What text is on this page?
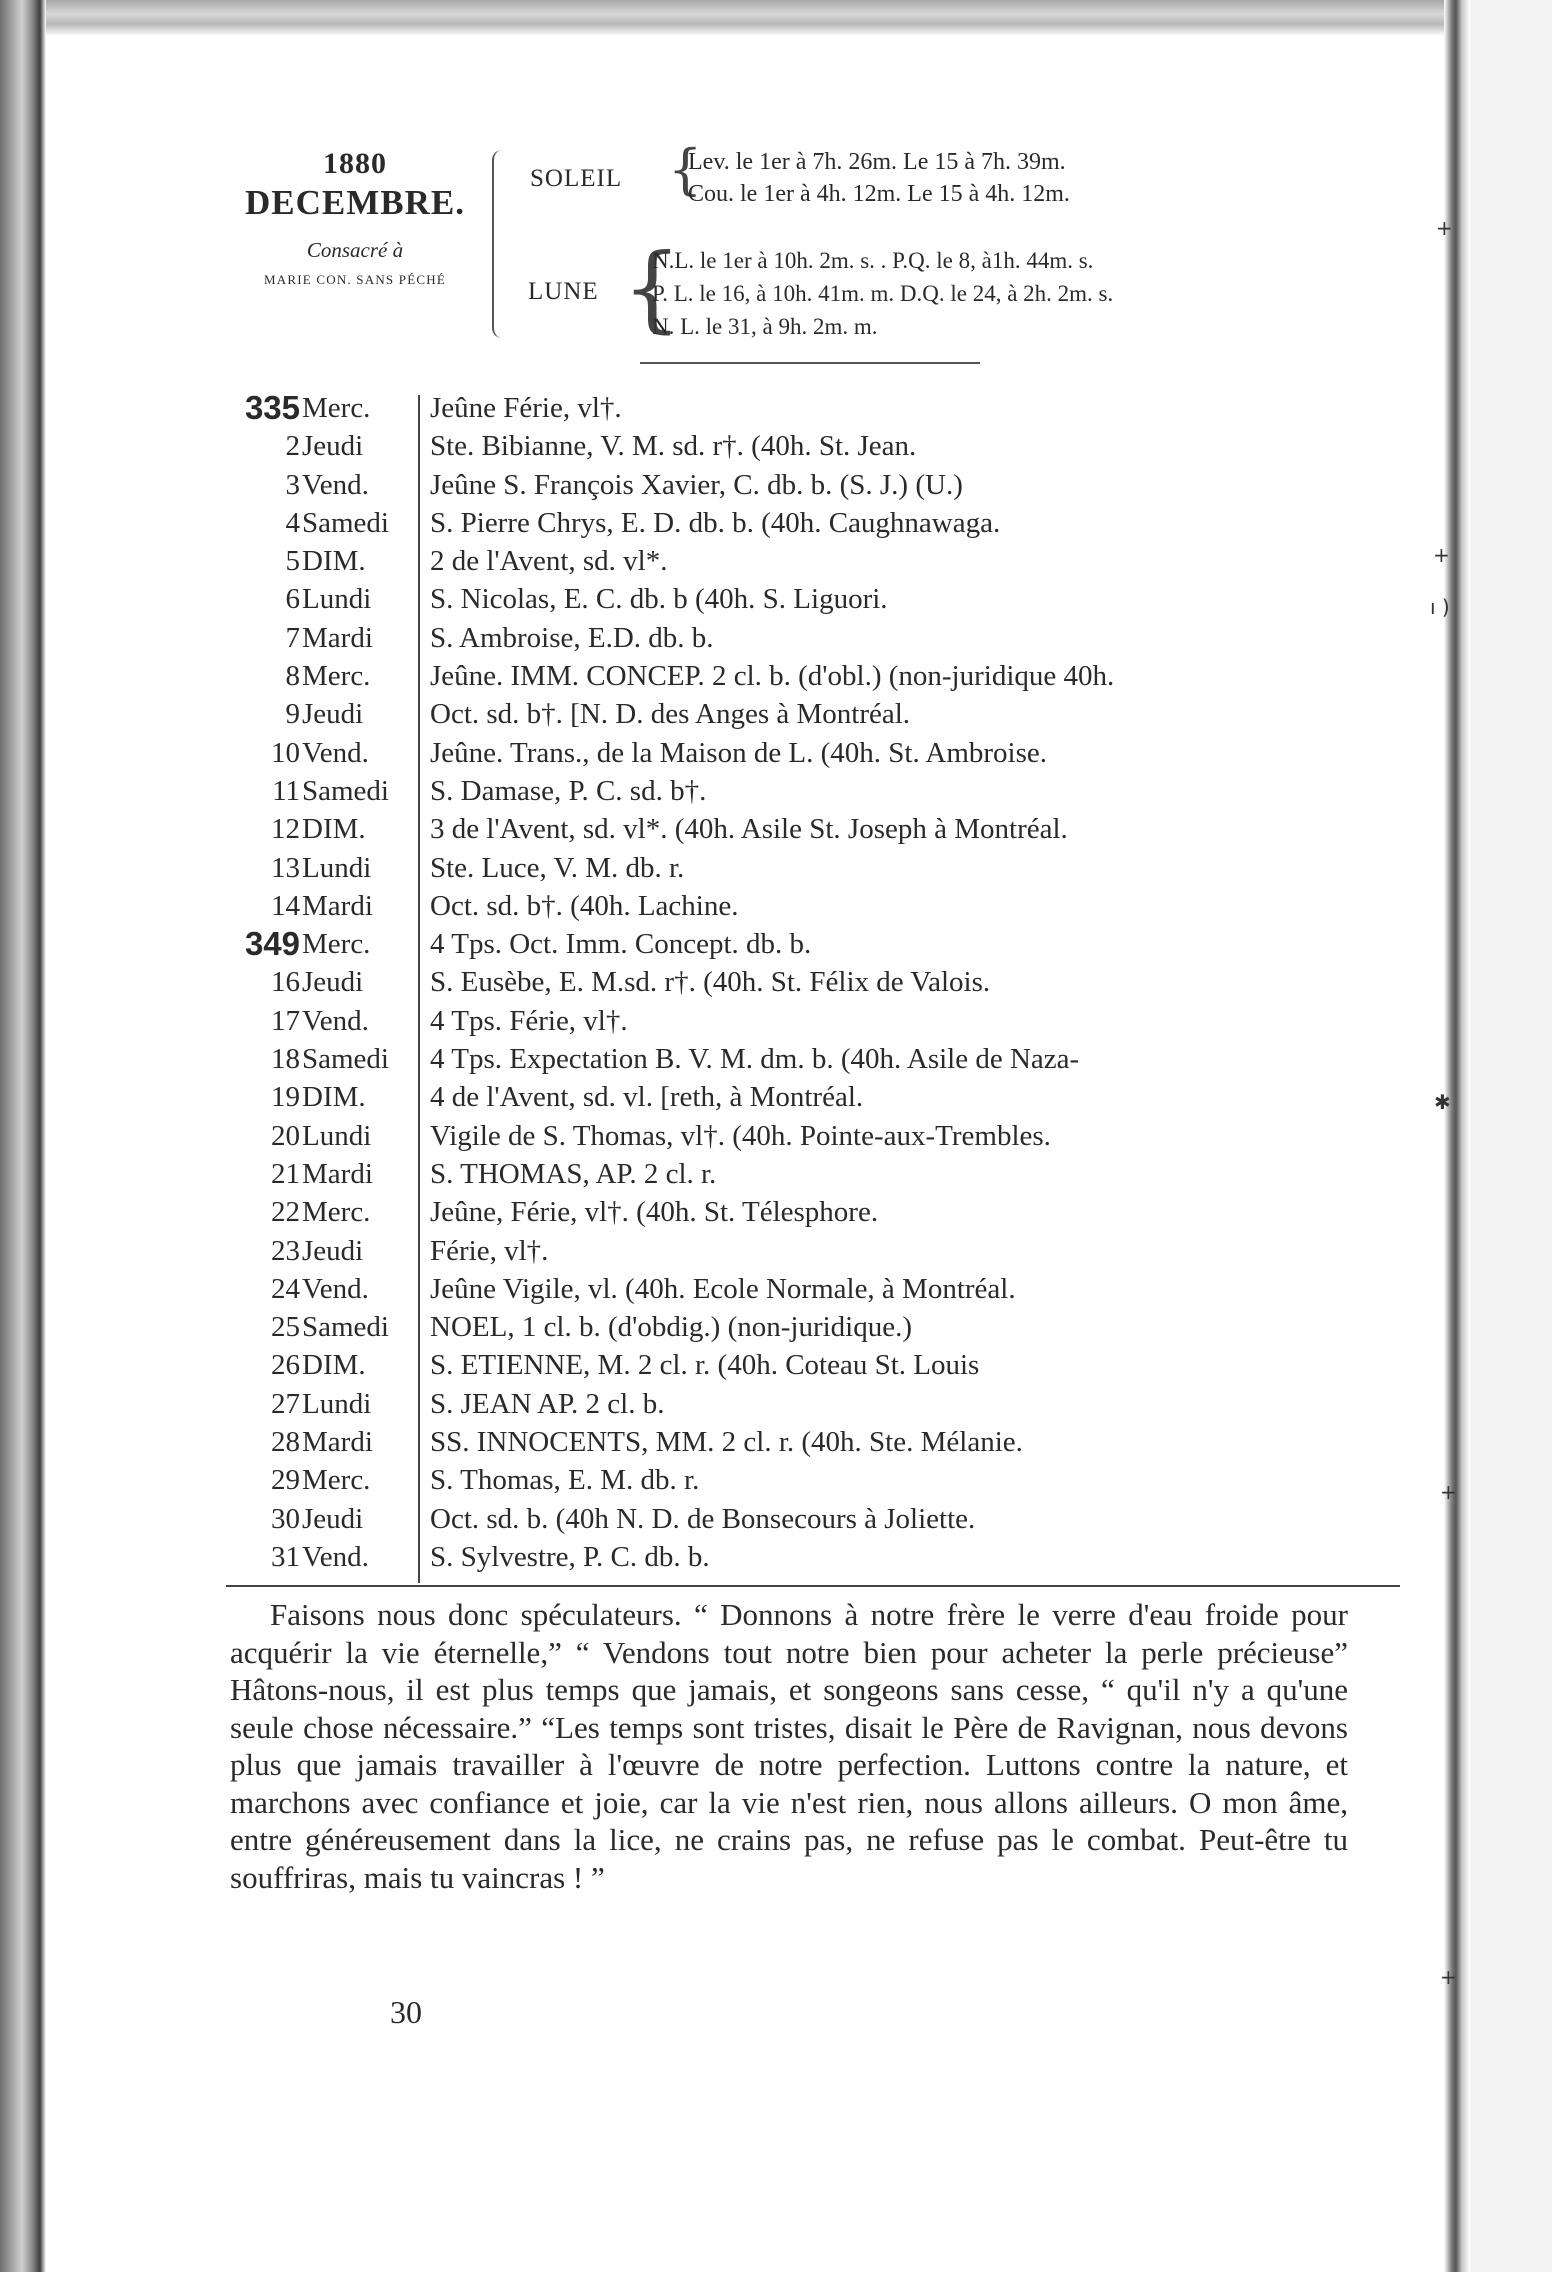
1880
DECEMBRE.
Consacré à
MARIE CON. SANS PÉCHÉ
SOLEIL {
Lev. le 1er à 7h. 26m. Le 15 à 7h. 39m.
Cou. le 1er à 4h. 12m. Le 15 à 4h. 12m.
LUNE {
N.L. le 1er à 10h. 2m. s. . P.Q. le 8, à1h. 44m. s.
P. L. le 16, à 10h. 41m. m. D.Q. le 24, à 2h. 2m. s.
N. L. le 31, à 9h. 2m. m.
335 Merc.	Jeûne Férie, vl†.
2 Jeudi	Ste. Bibianne, V. M. sd. r†. (40h. St. Jean.
3 Vend.	Jeûne S. François Xavier, C. db. b. (S. J.) (U.)
4 Samedi	S. Pierre Chrys, E. D. db. b. (40h. Caughnawaga.
5 DIM.	2 de l'Avent, sd. vl*.
6 Lundi	S. Nicolas, E. C. db. b (40h. S. Liguori.
7 Mardi	S. Ambroise, E.D. db. b.
8 Merc.	Jeûne. IMM. CONCEP. 2 cl. b. (d'obl.) (non-juridique 40h.
9 Jeudi	Oct. sd. b†. [N. D. des Anges à Montréal.
10 Vend.	Jeûne. Trans., de la Maison de L. (40h. St. Ambroise.
11 Samedi	S. Damase, P. C. sd. b†.
12 DIM.	3 de l'Avent, sd. vl*. (40h. Asile St. Joseph à Montréal.
13 Lundi	Ste. Luce, V. M. db. r.
14 Mardi	Oct. sd. b†. (40h. Lachine.
349 Merc.	4 Tps. Oct. Imm. Concept. db. b.
16 Jeudi	S. Eusèbe, E. M.sd. r†. (40h. St. Félix de Valois.
17 Vend.	4 Tps. Férie, vl†.
18 Samedi	4 Tps. Expectation B. V. M. dm. b. (40h. Asile de Naza-
19 DIM.	4 de l'Avent, sd. vl. [reth, à Montréal.
20 Lundi	Vigile de S. Thomas, vl†. (40h. Pointe-aux-Trembles.
21 Mardi	S. THOMAS, AP. 2 cl. r.
22 Merc.	Jeûne, Férie, vl†. (40h. St. Télesphore.
23 Jeudi	Férie, vl†.
24 Vend.	Jeûne Vigile, vl. (40h. Ecole Normale, à Montréal.
25 Samedi	NOEL, 1 cl. b. (d'obdig.) (non-juridique.)
26 DIM.	S. ETIENNE, M. 2 cl. r. (40h. Coteau St. Louis
27 Lundi	S. JEAN AP. 2 cl. b.
28 Mardi	SS. INNOCENTS, MM. 2 cl. r. (40h. Ste. Mélanie.
29 Merc.	S. Thomas, E. M. db. r.
30 Jeudi	Oct. sd. b. (40h N. D. de Bonsecours à Joliette.
31 Vend.	S. Sylvestre, P. C. db. b.
Faisons nous donc spéculateurs. “ Donnons à notre frère le verre d'eau froide pour acquérir la vie éternelle,” “ Vendons tout notre bien pour acheter la perle précieuse” Hâtons-nous, il est plus temps que jamais, et songeons sans cesse, “ qu'il n'y a qu'une seule chose nécessaire.” “Les temps sont tristes, disait le Père de Ravignan, nous devons plus que jamais travailler à l'œuvre de notre perfection. Luttons contre la nature, et marchons avec confiance et joie, car la vie n'est rien, nous allons ailleurs. O mon âme, entre généreusement dans la lice, ne crains pas, ne refuse pas le combat. Peut-être tu souffriras, mais tu vaincras ! ”
30
+
+
ı )
✱
+
+
